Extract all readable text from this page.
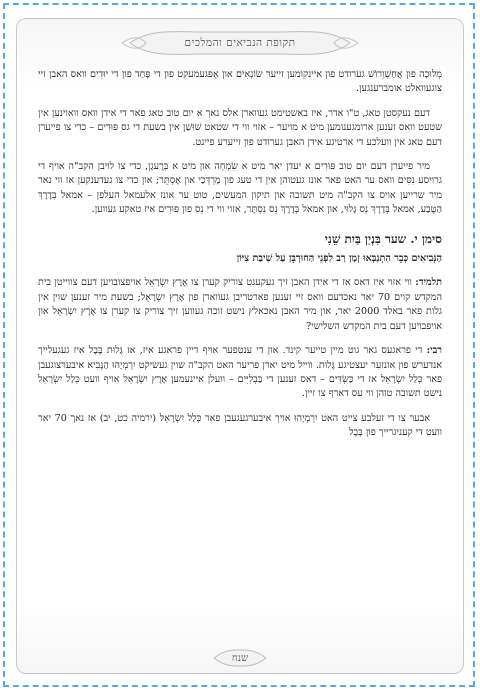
תקופת הנביאים והמלכים

מְלוּכָה פון אֲחַשְׁוֵרוֹשׁ גערודט פון איינקומען זייער שׂוֹנְאִים און אָפּגעמעקט פון די פָּחַד פון די יוּדִים וואס האבן זיי צוגעוואלט אומברענגען.

דעם נעקסטן טאג, ט"ו אדר, איז באשטימט געווארן אלס נאך א יום טוב טאג פאר די אידן וואס וואוינען אין שטעט וואס זענען ארומגענומען מיט א מויער – אזוי ווי די שטאט שׁוּשַׁן אין בשעת די גס פּוּרִים – כדי צו פייערן דעם טאג אין וועלכע די ארטיגע אידן האבן גערודט פון זייערע פיינט.

מיר פייערן דעם יום טוב פּוּרִים א יעדן יאר מיט א שִׂמְחָה און מיט א בְּרֶעגָן, כדי צו לויבן הקב"ה אויף די גרויסע נִסִּים וואס ער האט פאר אונז געטוהן אין די טעג פון מָרְדְּכַי און אֶסְתֵּר; און כדי צו געדענקען אז ווי נאר מיר שרייען אויס צו הקב"ה מיט תשובה און תיקון המעשים, טוט ער אונז אלעמאל העלפן – אמאל בְּדֶרֶךְ הַטֶּבַע, אמאל בְּדֶרֶךְ נֵס גָּלוּי, און אמאל בְּדֶרֶךְ נֵס נִסְתָּר, אזוי ווי די נֵס פון פּוּרִים איז טאקע געווען.

סימן י. שער בִּנְיַן בַּיִת שֵׁנִי

הַנְּבִיאִים כְּבָר הִתְנַבְּאוּ זְמַן רַב לִפְנֵי הַחוּרְבָּן עַל שִׁיבַת צִיּוֹן

תלמיד: ווי אזוי איז דאס אז די אידן האבן זיך געקענט צוריק קערן צו אֶרֶץ יִשְׂרָאֵל אויפצובויען דעם צווייטן בית המקדש קוים 70 יאר נאכדעם וואס זיי זענען פארטריבן געווארן פון אֶרֶץ יִשְׂרָאֵל; בשעת מיר זענען שוין אין גלות פאר באלד 2000 יאר, און מיר האבן נאכאלץ נישט זוכה געווען זיך צוריק צו קערן צו אֶרֶץ יִשְׂרָאֵל און אויפבויען דעם בית המקדש השלישי?

רבי: די פראגעס גאר גוט מיין טייער קינד. און די ענטפער אויף דיין פראגע איז, אז גָּלוּת בָּבֶל איז געגעלייך אנדערש פון אונזער יעצטיגע גָּלוּת. ווייל מיט יארן פריער האט הקב"ה שוין געשיקט יִרְמְיָהוּ הַנָּבִיא איבערצוגעבן פאר כְּלַל יִשְׂרָאֵל אז די כַּשְׂדִּים – דאס זענען די בַּבְלִיִּים – וועלן איינעמען אֶרֶץ יִשְׂרָאֵל אויף וועט כְּלַל יִשְׂרָאֵל נישט תשובה טוהן ווי עס דארף צו זיין.

אבער צו די זעלבע צייט האט יִרְמְיָהוּ אויך איבערגעגעבן פאר כְּלַל יִשְׂרָאֵל (ירמיה כט, יב) אז נאך 70 יאר וועט די קעניגרייך פון בָּבֶל

שנח
